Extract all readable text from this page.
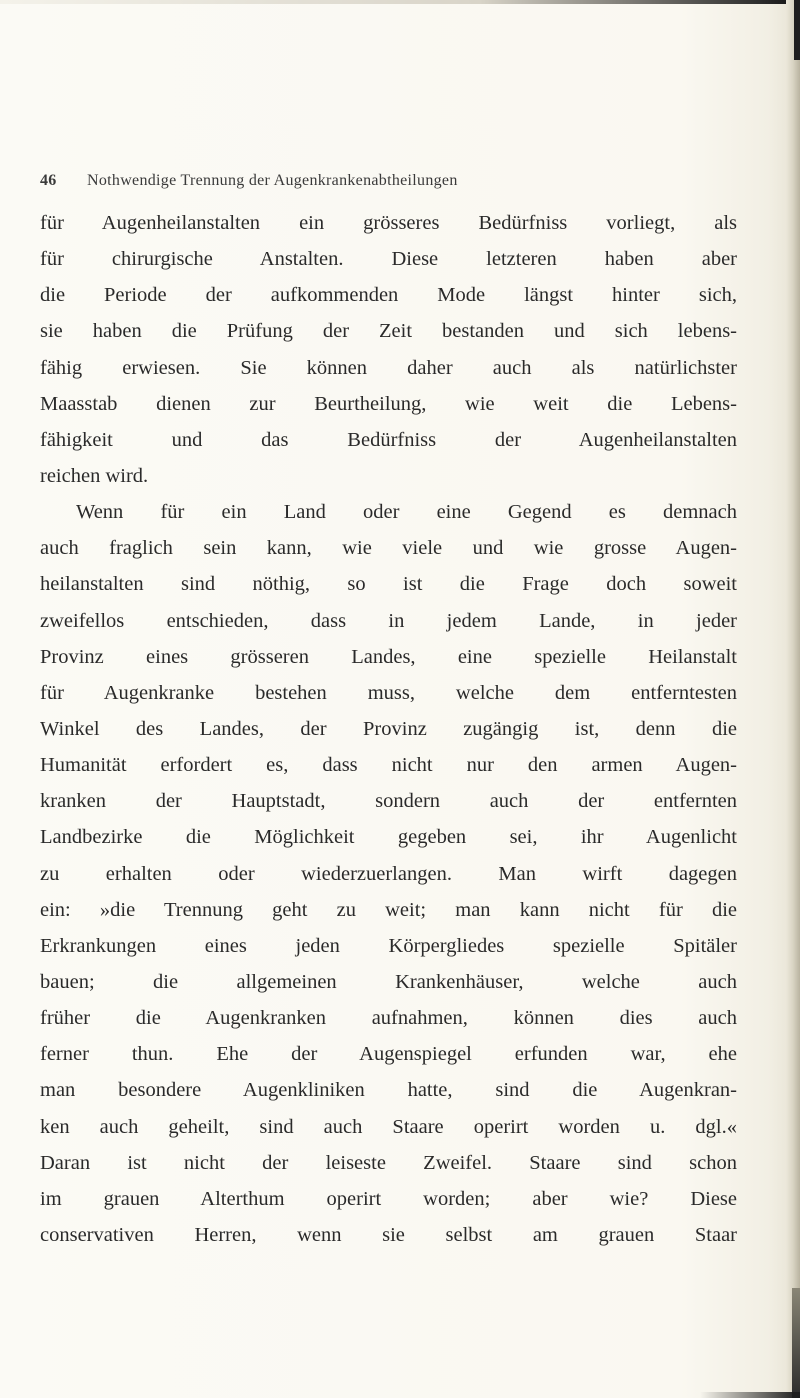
46 Nothwendige Trennung der Augenkrankenabtheilungen
für Augenheilanstalten ein grösseres Bedürfniss vorliegt, als
für chirurgische Anstalten. Diese letzteren haben aber
die Periode der aufkommenden Mode längst hinter sich,
sie haben die Prüfung der Zeit bestanden und sich lebens-
fähig erwiesen. Sie können daher auch als natürlichster
Maasstab dienen zur Beurtheilung, wie weit die Lebens-
fähigkeit und das Bedürfniss der Augenheilanstalten
reichen wird.
Wenn für ein Land oder eine Gegend es demnach
auch fraglich sein kann, wie viele und wie grosse Augen-
heilanstalten sind nöthig, so ist die Frage doch soweit
zweifellos entschieden, dass in jedem Lande, in jeder
Provinz eines grösseren Landes, eine spezielle Heilanstalt
für Augenkranke bestehen muss, welche dem entferntesten
Winkel des Landes, der Provinz zugängig ist, denn die
Humanität erfordert es, dass nicht nur den armen Augen-
kranken der Hauptstadt, sondern auch der entfernten
Landbezirke die Möglichkeit gegeben sei, ihr Augenlicht
zu erhalten oder wiederzuerlangen. Man wirft dagegen
ein: »die Trennung geht zu weit; man kann nicht für die
Erkrankungen eines jeden Körpergliedes spezielle Spitäler
bauen; die allgemeinen Krankenhäuser, welche auch
früher die Augenkranken aufnahmen, können dies auch
ferner thun. Ehe der Augenspiegel erfunden war, ehe
man besondere Augenkliniken hatte, sind die Augenkran-
ken auch geheilt, sind auch Staare operirt worden u. dgl.«
Daran ist nicht der leiseste Zweifel. Staare sind schon
im grauen Alterthum operirt worden; aber wie? Diese
conservativen Herren, wenn sie selbst am grauen Staar
